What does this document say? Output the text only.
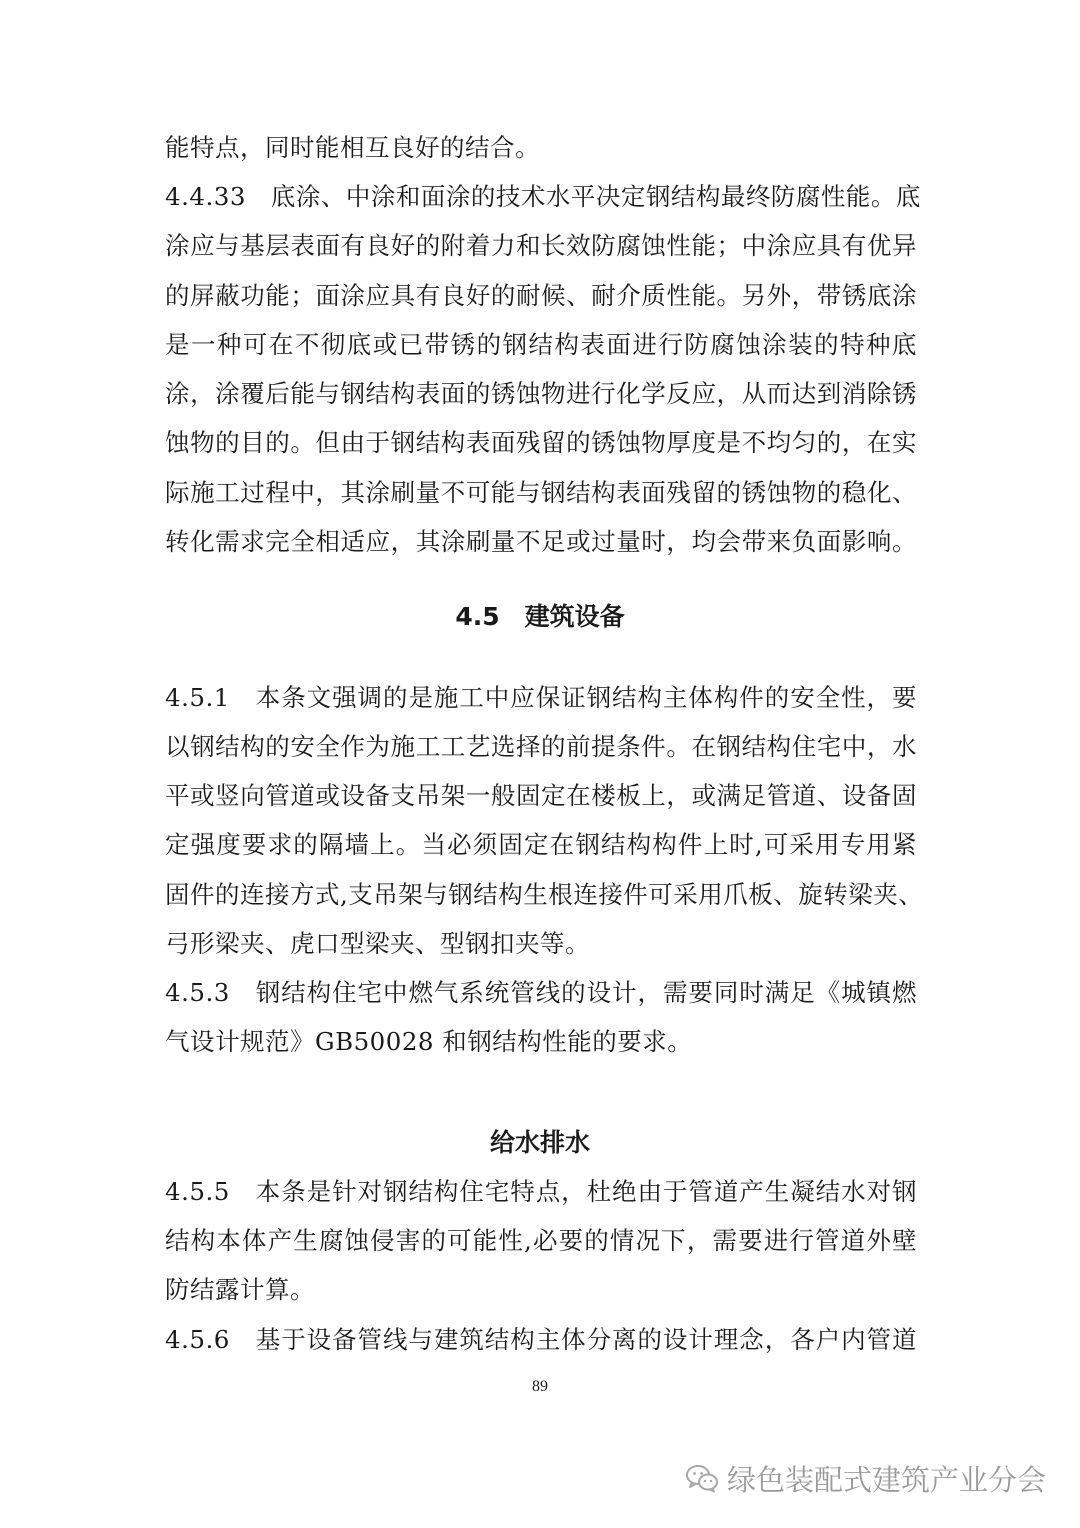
能特点，同时能相互良好的结合。
4.4.33　底涂、中涂和面涂的技术水平决定钢结构最终防腐性能。底
涂应与基层表面有良好的附着力和长效防腐蚀性能；中涂应具有优异
的屏蔽功能；面涂应具有良好的耐候、耐介质性能。另外，带锈底涂
是一种可在不彻底或已带锈的钢结构表面进行防腐蚀涂装的特种底
涂，涂覆后能与钢结构表面的锈蚀物进行化学反应，从而达到消除锈
蚀物的目的。但由于钢结构表面残留的锈蚀物厚度是不均匀的，在实
际施工过程中，其涂刷量不可能与钢结构表面残留的锈蚀物的稳化、
转化需求完全相适应，其涂刷量不足或过量时，均会带来负面影响。
4.5　建筑设备
4.5.1　本条文强调的是施工中应保证钢结构主体构件的安全性，要
以钢结构的安全作为施工工艺选择的前提条件。在钢结构住宅中，水
平或竖向管道或设备支吊架一般固定在楼板上，或满足管道、设备固
定强度要求的隔墙上。当必须固定在钢结构构件上时,可采用专用紧
固件的连接方式,支吊架与钢结构生根连接件可采用爪板、旋转梁夹、
弓形梁夹、虎口型梁夹、型钢扣夹等。
4.5.3　钢结构住宅中燃气系统管线的设计，需要同时满足《城镇燃
气设计规范》GB50028 和钢结构性能的要求。
给水排水
4.5.5　本条是针对钢结构住宅特点，杜绝由于管道产生凝结水对钢
结构本体产生腐蚀侵害的可能性,必要的情况下，需要进行管道外壁
防结露计算。
4.5.6　基于设备管线与建筑结构主体分离的设计理念，各户内管道
89
绿色装配式建筑产业分会
